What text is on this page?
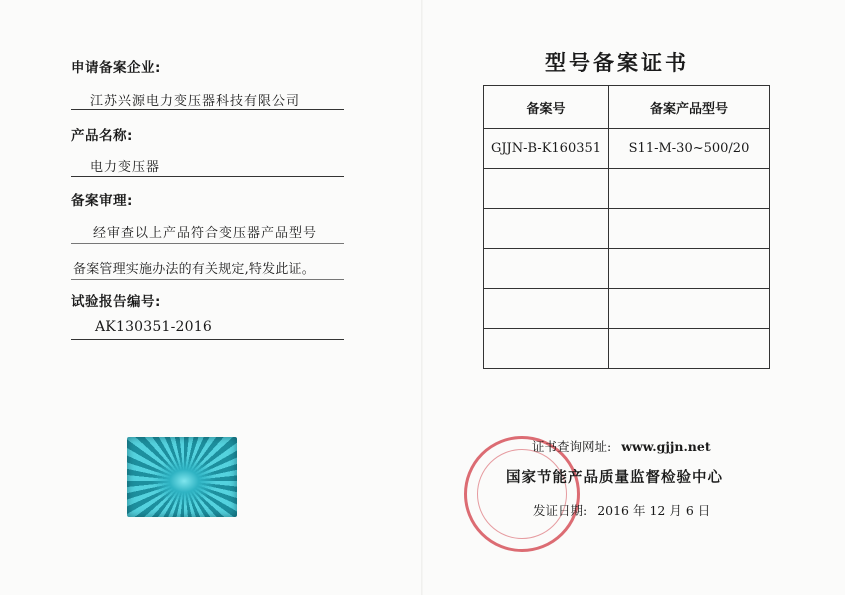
申请备案企业:
江苏兴源电力变压器科技有限公司
产品名称:
电力变压器
备案审理:
经审查以上产品符合变压器产品型号
备案管理实施办法的有关规定,特发此证。
试验报告编号:
AK130351-2016
型号备案证书
备案号	备案产品型号
GJJN-B-K160351	S11-M-30~500/20

证书查询网址: www.gjjn.net
国家节能产品质量监督检验中心
发证日期: 2016 年 12 月 6 日
